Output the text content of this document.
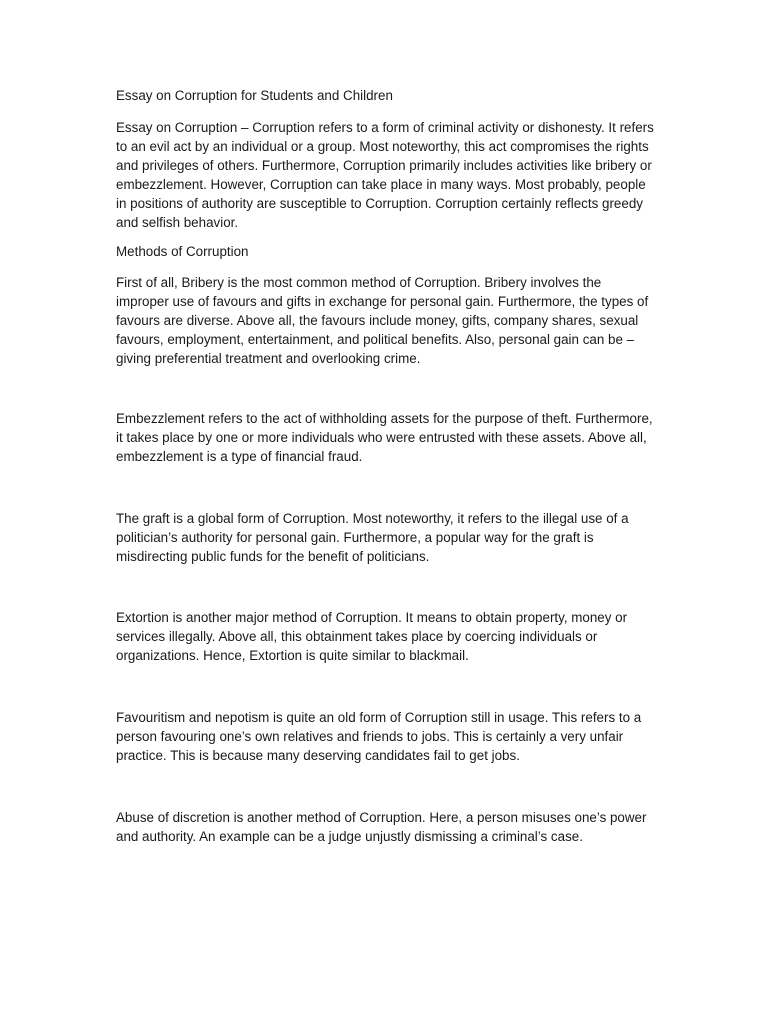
Essay on Corruption for Students and Children

Essay on Corruption – Corruption refers to a form of criminal activity or dishonesty. It refers to an evil act by an individual or a group. Most noteworthy, this act compromises the rights and privileges of others. Furthermore, Corruption primarily includes activities like bribery or embezzlement. However, Corruption can take place in many ways. Most probably, people in positions of authority are susceptible to Corruption. Corruption certainly reflects greedy and selfish behavior.

Methods of Corruption

First of all, Bribery is the most common method of Corruption. Bribery involves the improper use of favours and gifts in exchange for personal gain. Furthermore, the types of favours are diverse. Above all, the favours include money, gifts, company shares, sexual favours, employment, entertainment, and political benefits. Also, personal gain can be – giving preferential treatment and overlooking crime.

Embezzlement refers to the act of withholding assets for the purpose of theft. Furthermore, it takes place by one or more individuals who were entrusted with these assets. Above all, embezzlement is a type of financial fraud.

The graft is a global form of Corruption. Most noteworthy, it refers to the illegal use of a politician’s authority for personal gain. Furthermore, a popular way for the graft is misdirecting public funds for the benefit of politicians.

Extortion is another major method of Corruption. It means to obtain property, money or services illegally. Above all, this obtainment takes place by coercing individuals or organizations. Hence, Extortion is quite similar to blackmail.

Favouritism and nepotism is quite an old form of Corruption still in usage. This refers to a person favouring one’s own relatives and friends to jobs. This is certainly a very unfair practice. This is because many deserving candidates fail to get jobs.

Abuse of discretion is another method of Corruption. Here, a person misuses one’s power and authority. An example can be a judge unjustly dismissing a criminal’s case.
